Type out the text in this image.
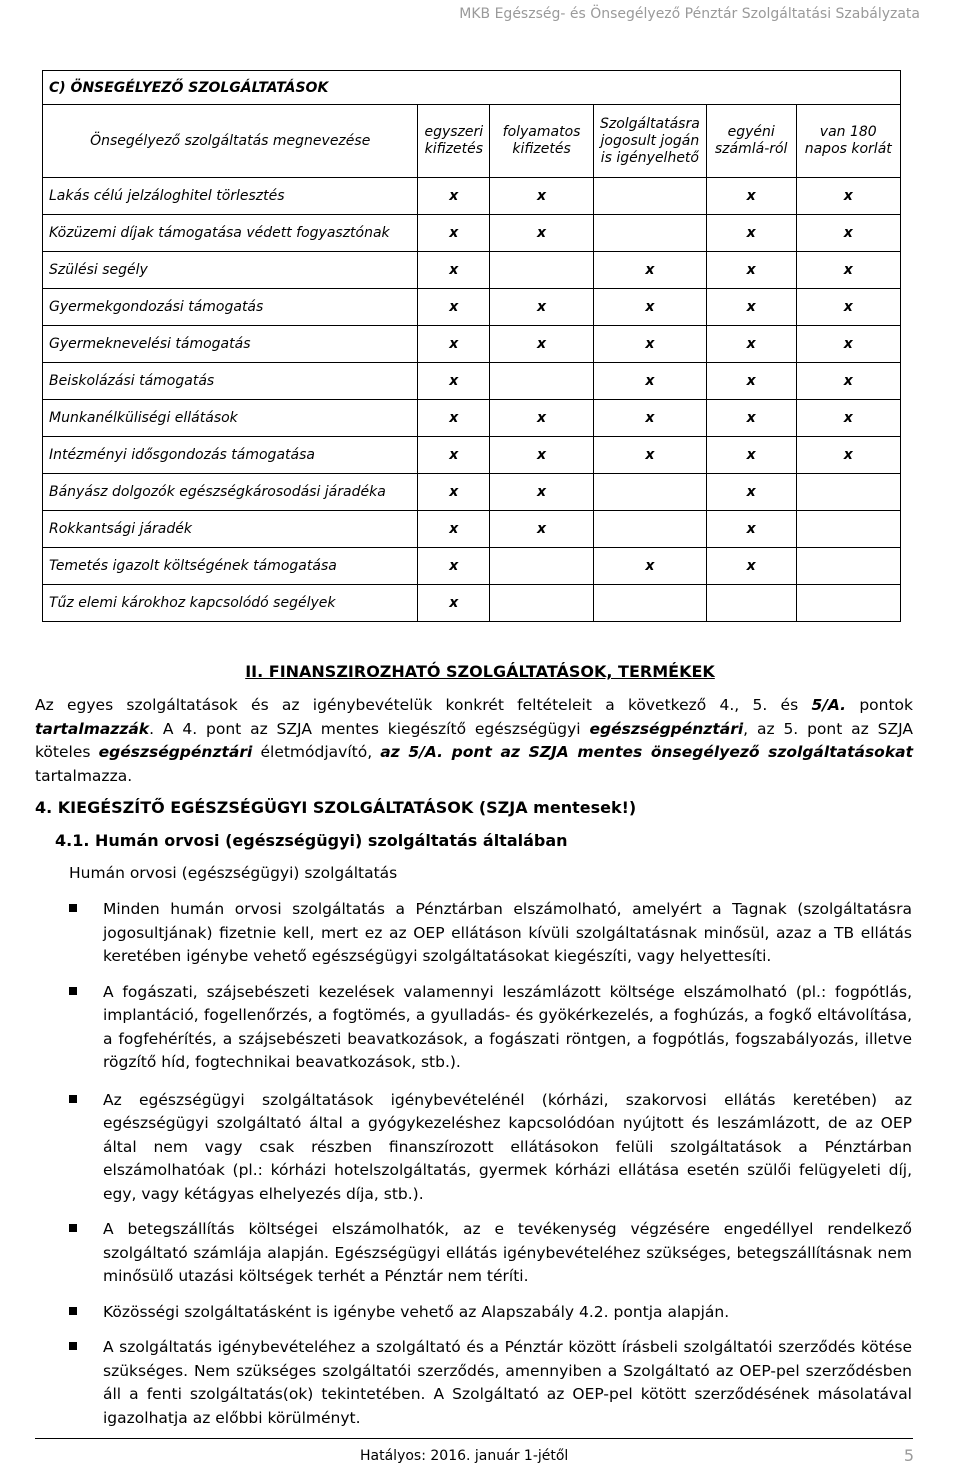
MKB Egészség- és Önsegélyező Pénztár Szolgáltatási Szabályzata
C) ÖNSEGÉLYEZŐ SZOLGÁLTATÁSOK					
Önsegélyező szolgáltatás megnevezése	egyszeri kifizetés	folyamatos kifizetés	Szolgáltatásra jogosult jogán is igényelhető	egyéni számlá-ról	van 180 napos korlát
Lakás célú jelzáloghitel törlesztés	x	x		x	x
Közüzemi díjak támogatása védett fogyasztónak	x	x		x	x
Szülési segély	x		x	x	x
Gyermekgondozási támogatás	x	x	x	x	x
Gyermeknevelési támogatás	x	x	x	x	x
Beiskolázási támogatás	x		x	x	x
Munkanélküliségi ellátások	x	x	x	x	x
Intézményi idősgondozás támogatása	x	x	x	x	x
Bányász dolgozók egészségkárosodási járadéka	x	x		x	
Rokkantsági járadék	x	x		x	
Temetés igazolt költségének támogatása	x		x	x	
Tűz elemi károkhoz kapcsolódó segélyek	x				
II. FINANSZIROZHATÓ SZOLGÁLTATÁSOK, TERMÉKEK
Az egyes szolgáltatások és az igénybevételük konkrét feltételeit a következő 4., 5. és 5/A. pontok tartalmazzák. A 4. pont az SZJA mentes kiegészítő egészségügyi egészségpénztári, az 5. pont az SZJA köteles egészségpénztári életmódjavító, az 5/A. pont az SZJA mentes önsegélyező szolgáltatásokat tartalmazza.
4. KIEGÉSZÍTŐ EGÉSZSÉGÜGYI SZOLGÁLTATÁSOK (SZJA mentesek!)
4.1. Humán orvosi (egészségügyi) szolgáltatás általában
Humán orvosi (egészségügyi) szolgáltatás
Minden humán orvosi szolgáltatás a Pénztárban elszámolható, amelyért a Tagnak (szolgáltatásra jogosultjának) fizetnie kell, mert ez az OEP ellátáson kívüli szolgáltatásnak minősül, azaz a TB ellátás keretében igénybe vehető egészségügyi szolgáltatásokat kiegészíti, vagy helyettesíti.
A fogászati, szájsebészeti kezelések valamennyi leszámlázott költsége elszámolható (pl.: fogpótlás, implantáció, fogellenőrzés, a fogtömés, a gyulladás- és gyökérkezelés, a foghúzás, a fogkő eltávolítása, a fogfehérítés, a szájsebészeti beavatkozások, a fogászati röntgen, a fogpótlás, fogszabályozás, illetve rögzítő híd, fogtechnikai beavatkozások, stb.).
Az egészségügyi szolgáltatások igénybevételénél (kórházi, szakorvosi ellátás keretében) az egészségügyi szolgáltató által a gyógykezeléshez kapcsolódóan nyújtott és leszámlázott, de az OEP által nem vagy csak részben finanszírozott ellátásokon felüli szolgáltatások a Pénztárban elszámolhatóak (pl.: kórházi hotelszolgáltatás, gyermek kórházi ellátása esetén szülői felügyeleti díj, egy, vagy kétágyas elhelyezés díja, stb.).
A betegszállítás költségei elszámolhatók, az e tevékenység végzésére engedéllyel rendelkező szolgáltató számlája alapján. Egészségügyi ellátás igénybevételéhez szükséges, betegszállításnak nem minősülő utazási költségek terhét a Pénztár nem téríti.
Közösségi szolgáltatásként is igénybe vehető az Alapszabály 4.2. pontja alapján.
A szolgáltatás igénybevételéhez a szolgáltató és a Pénztár között írásbeli szolgáltatói szerződés kötése szükséges. Nem szükséges szolgáltatói szerződés, amennyiben a Szolgáltató az OEP-pel szerződésben áll a fenti szolgáltatás(ok) tekintetében. A Szolgáltató az OEP-pel kötött szerződésének másolatával igazolhatja az előbbi körülményt.
Hatályos: 2016. január 1-jétől	5
